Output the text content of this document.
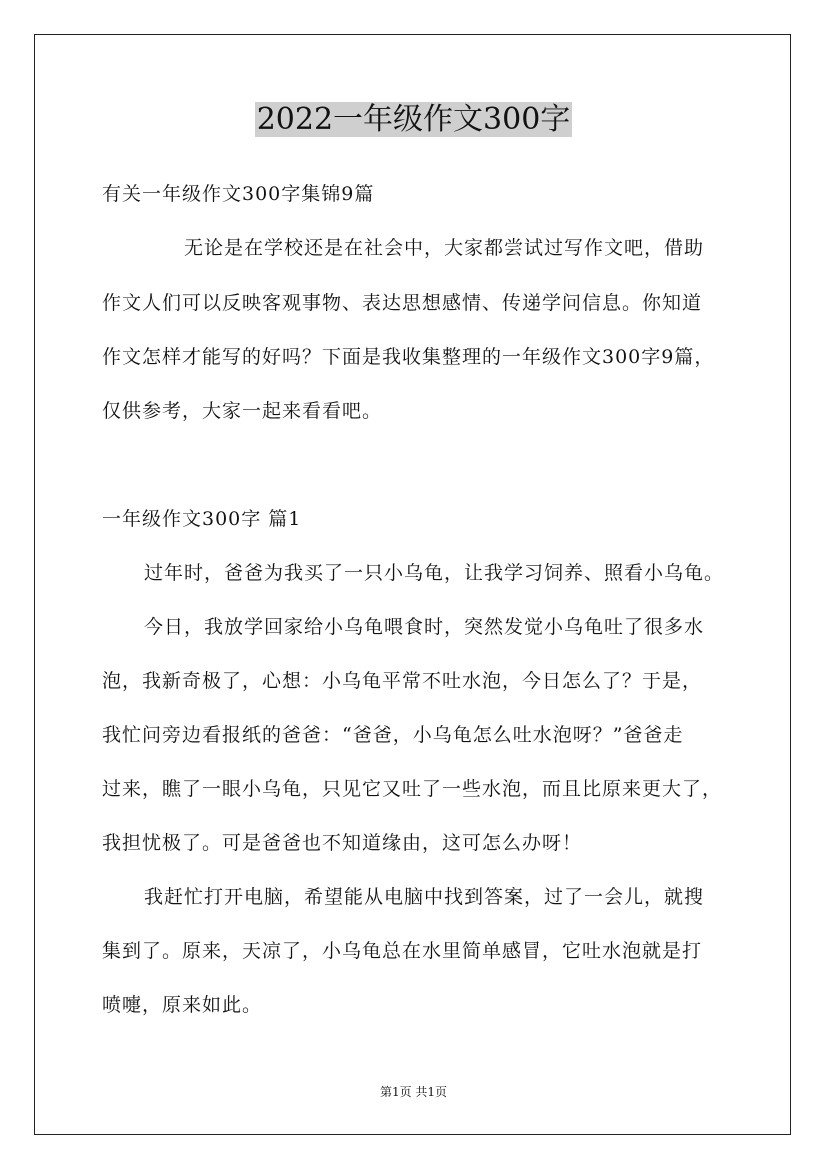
2022一年级作文300字
有关一年级作文300字集锦9篇
无论是在学校还是在社会中，大家都尝试过写作文吧，借助
作文人们可以反映客观事物、表达思想感情、传递学问信息。你知道
作文怎样才能写的好吗？下面是我收集整理的一年级作文300字9篇，
仅供参考，大家一起来看看吧。
一年级作文300字 篇1
过年时，爸爸为我买了一只小乌龟，让我学习饲养、照看小乌龟。
今日，我放学回家给小乌龟喂食时，突然发觉小乌龟吐了很多水
泡，我新奇极了，心想：小乌龟平常不吐水泡，今日怎么了？于是，
我忙问旁边看报纸的爸爸：“爸爸，小乌龟怎么吐水泡呀？”爸爸走
过来，瞧了一眼小乌龟，只见它又吐了一些水泡，而且比原来更大了，
我担忧极了。可是爸爸也不知道缘由，这可怎么办呀！
我赶忙打开电脑，希望能从电脑中找到答案，过了一会儿，就搜
集到了。原来，天凉了，小乌龟总在水里简单感冒，它吐水泡就是打
喷嚏，原来如此。
第1页 共1页
